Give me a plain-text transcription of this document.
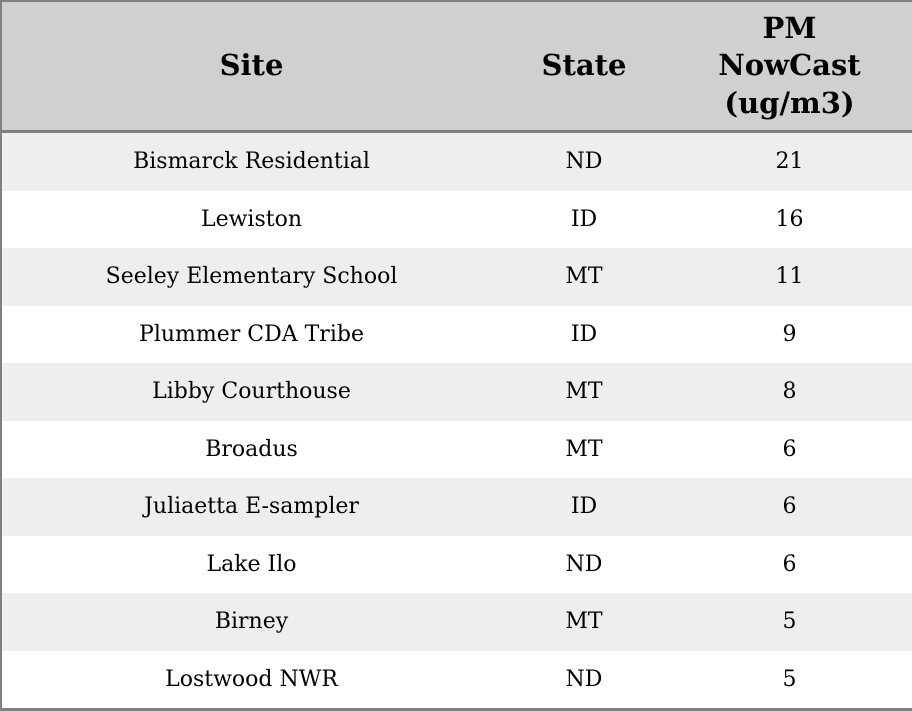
Site	State	PM
NowCast
(ug/m3)

Bismarck Residential	ND	21
Lewiston	ID	16
Seeley Elementary School	MT	11
Plummer CDA Tribe	ID	9
Libby Courthouse	MT	8
Broadus	MT	6
Juliaetta E-sampler	ID	6
Lake Ilo	ND	6
Birney	MT	5
Lostwood NWR	ND	5
